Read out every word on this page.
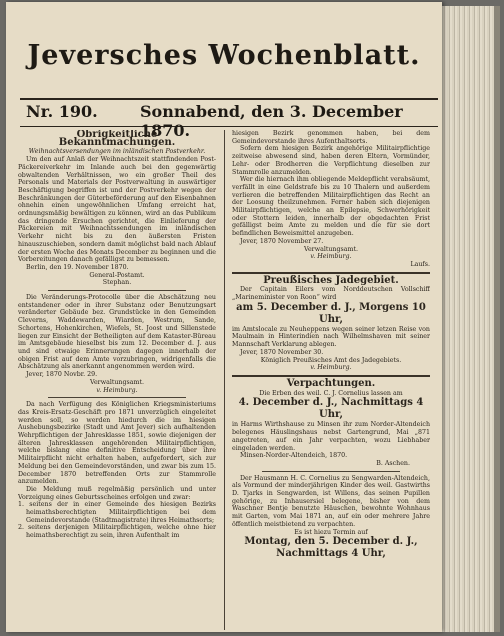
Jeversches Wochenblatt.
Nr. 190.	Sonnabend, den 3. December 1870.
Obrigkeitliche Bekanntmachungen.
Weihnachtsversendungen im inländischen Postverkehr.

Um den auf Anlaß der Weihnachtszeit stattfindenden Post-Päckereiverkehr im Inlande auch bei den gegenwärtig obwaltenden Verhältnissen, wo ein großer Theil des Personals und Materials der Postverwaltung in auswärtiger Beschäftigung begriffen ist und der Postverkehr wegen der Beschränkungen der Güterbeförderung auf den Eisenbahnen ohnehin einen ungewöhnlichen Umfang erreicht hat, ordnungsmäßig bewältigen zu können, wird an das Publikum das dringende Ersuchen gerichtet, die Einlieferung der Päckereien mit Weihnachtssendungen im inländischen Verkehr nicht bis zu den äußersten Fristen hinauszuschieben, sondern damit möglichst bald nach Ablauf der ersten Woche des Monats December zu beginnen und die Vorbereitungen danach gefälligst zu bemessen.

Berlin, den 19. November 1870.
General-Postamt.
Stephan.

Die Veränderungs-Protocolle über die Abschätzung neu entstandener oder in ihrer Substanz oder Benutzungsart veränderter Gebäude bez. Grundstücke in den Gemeinden Cleverns, Waddewarden, Wiarden, Westrum, Sande, Schortens, Hohenkirchen, Wiefels, St. Joost und Sillenstede liegen zur Einsicht der Betheiligten auf dem Kataster-Büreau im Amtsgebäude hieselbst bis zum 12. December d. J. aus und sind etwaige Erinnerungen dagegen innerhalb der obigen Frist auf dem Amte vorzubringen, widrigenfalls die Abschätzung als anerkannt angenommen werden wird.

Jever, 1870 Novbr. 29.
Verwaltungsamt.
v. Heimburg.

Da nach Verfügung des Königlichen Kriegsministeriums das Kreis-Ersatz-Geschäft pro 1871 unverzüglich eingeleitet werden soll, so werden hiedurch die im hiesigen Aushebungsbezirke (Stadt und Amt Jever) sich aufhaltenden Wehrpflichtigen der Jahresklasse 1851, sowie diejenigen der älteren Jahresklassen angehörenden Militairpflichtigen, welche bislang eine definitive Entscheidung über ihre Militairpflicht nicht erhalten haben, aufgefordert, sich zur Meldung bei den Gemeindevorständen, und zwar bis zum 15. December 1870 betreffenden Orts zur Stammrolle anzumelden.

Die Meldung muß regelmäßig persönlich und unter Vorzeigung eines Geburtsscheines erfolgen und zwar:

1. seitens der in einer Gemeinde des hiesigen Bezirks heimathsberechtigten Militairpflichtigen bei dem Gemeindevorstande (Stadtmagistrate) ihres Heimathsorts;
2. seitens derjenigen Militairpflichtigen, welche ohne hier heimathsberechtigt zu sein, ihren Aufenthalt im
hiesigen Bezirk genommen haben, bei dem Gemeindevorstande ihres Aufenthaltsorts.

Sofern dem hiesigen Bezirk angehörige Militairpflichtige zeitweise abwesend sind, haben deren Eltern, Vormünder, Lehr- oder Brodherren die Verpflichtung dieselben zur Stammrolle anzumelden.

Wer die hiernach ihm obliegende Meldepflicht verabsäumt, verfällt in eine Geldstrafe bis zu 10 Thalern und außerdem verlieren die betreffenden Militairpflichtigen das Recht an der Loosung theilzunehmen. Ferner haben sich diejenigen Militairpflichtigen, welche an Epilepsie, Schwerhörigkeit oder Stottern leiden, innerhalb der obgedachten Frist gefälligst beim Amte zu melden und die für sie dort befindlichen Beweismittel anzugeben.

Jever, 1870 November 27.
Verwaltungsamt.
v. Heimburg.
Laufs.
Preußisches Jadegebiet.

Der Capitain Eilers vom Norddeutschen Vollschiff „Marineminister von Roon“ wird

am 5. December d. J., Morgens 10 Uhr,
im Amtslocale zu Neuheppens wegen seiner letzen Reise von Maulmain in Hinterindien nach Wilhelmshaven mit seiner Mannschaft Verklarung ablegen.
Jever, 1870 November 30.
Königlich Preußisches Amt des Jadegebiets.
v. Heimburg.
Verpachtungen.
Die Erben des weil. C. J. Cornelius lassen am
4. December d. J., Nachmittags 4 Uhr,
in Harms Wirthshause zu Minsen ihr zum Norder-Altendeich belegenes Häuslingshaus nebst Gartengrund, Mai „871 angetreten, auf ein Jahr verpachten, wozu Liebhaber eingeladen werden.
Minsen-Norder-Altendeich, 1870.
B. Aschen.

Der Hausmann H. C. Cornelius zu Sengwarden-Altendeich, als Vormund der minderjährigen Kinder des weil. Gastwirths D. Tjarks in Sengwarden, ist Willens, das seinen Pupillen gehörige, zu Inhausersiel belegene, bisher von dem Waschner Bentje benutzte Häuschen, bewohnte Wohnhaus mit Garten, vom Mai 1871 an, auf ein oder mehrere Jahre öffentlich meistbietend zu verpachten.

Es ist hiezu Termin auf
Montag, den 5. December d. J., Nachmittags 4 Uhr,
